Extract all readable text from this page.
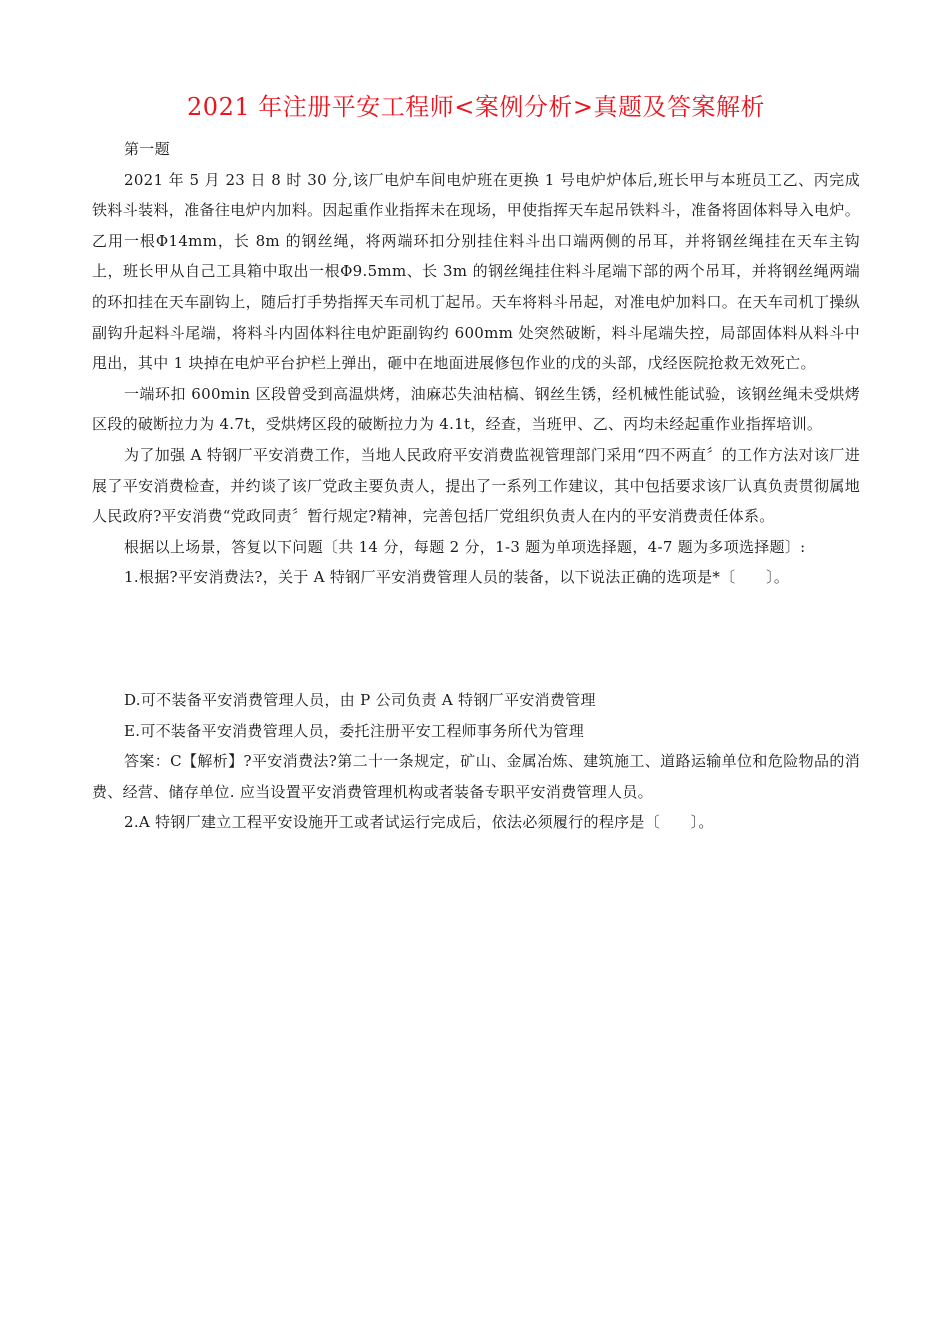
2021 年注册平安工程师<案例分析>真题及答案解析

第一题

2021 年 5 月 23 日 8 时 30 分,该厂电炉车间电炉班在更换 1 号电炉炉体后,班长甲与本班员工乙、丙完成铁料斗装料，准备往电炉内加料。因起重作业指挥未在现场，甲使指挥天车起吊铁料斗，准备将固体料导入电炉。乙用一根Φ14mm，长 8m 的钢丝绳，将两端环扣分别挂住料斗出口端两侧的吊耳，并将钢丝绳挂在天车主钩上，班长甲从自己工具箱中取出一根Φ9.5mm、长 3m 的钢丝绳挂住料斗尾端下部的两个吊耳，并将钢丝绳两端的环扣挂在天车副钩上，随后打手势指挥天车司机丁起吊。天车将料斗吊起，对准电炉加料口。在天车司机丁操纵副钩升起料斗尾端，将料斗内固体料往电炉距副钩约 600mm 处突然破断，料斗尾端失控，局部固体料从料斗中甩出，其中 1 块掉在电炉平台护栏上弹出，砸中在地面进展修包作业的戊的头部，戊经医院抢救无效死亡。

一端环扣 600min 区段曾受到高温烘烤，油麻芯失油枯槁、钢丝生锈，经机械性能试验，该钢丝绳未受烘烤区段的破断拉力为 4.7t，受烘烤区段的破断拉力为 4.1t，经查，当班甲、乙、丙均未经起重作业指挥培训。

为了加强 A 特钢厂平安消费工作，当地人民政府平安消费监视管理部门采用“四不两直〞的工作方法对该厂进展了平安消费检查，并约谈了该厂党政主要负责人，提出了一系列工作建议，其中包括要求该厂认真负责贯彻属地人民政府?平安消费“党政同责〞暂行规定?精神，完善包括厂党组织负责人在内的平安消费责任体系。

根据以上场景，答复以下问题〔共 14 分，每题 2 分，1-3 题为单项选择题，4-7 题为多项选择题〕:

1.根据?平安消费法?，关于 A 特钢厂平安消费管理人员的装备，以下说法正确的选项是*〔　　〕。

D.可不装备平安消费管理人员，由 P 公司负责 A 特钢厂平安消费管理

E.可不装备平安消费管理人员，委托注册平安工程师事务所代为管理

答案：C【解析】?平安消费法?第二十一条规定，矿山、金属冶炼、建筑施工、道路运输单位和危险物品的消费、经营、储存单位. 应当设置平安消费管理机构或者装备专职平安消费管理人员。

2.A 特钢厂建立工程平安设施开工或者试运行完成后，依法必须履行的程序是〔　　〕。
